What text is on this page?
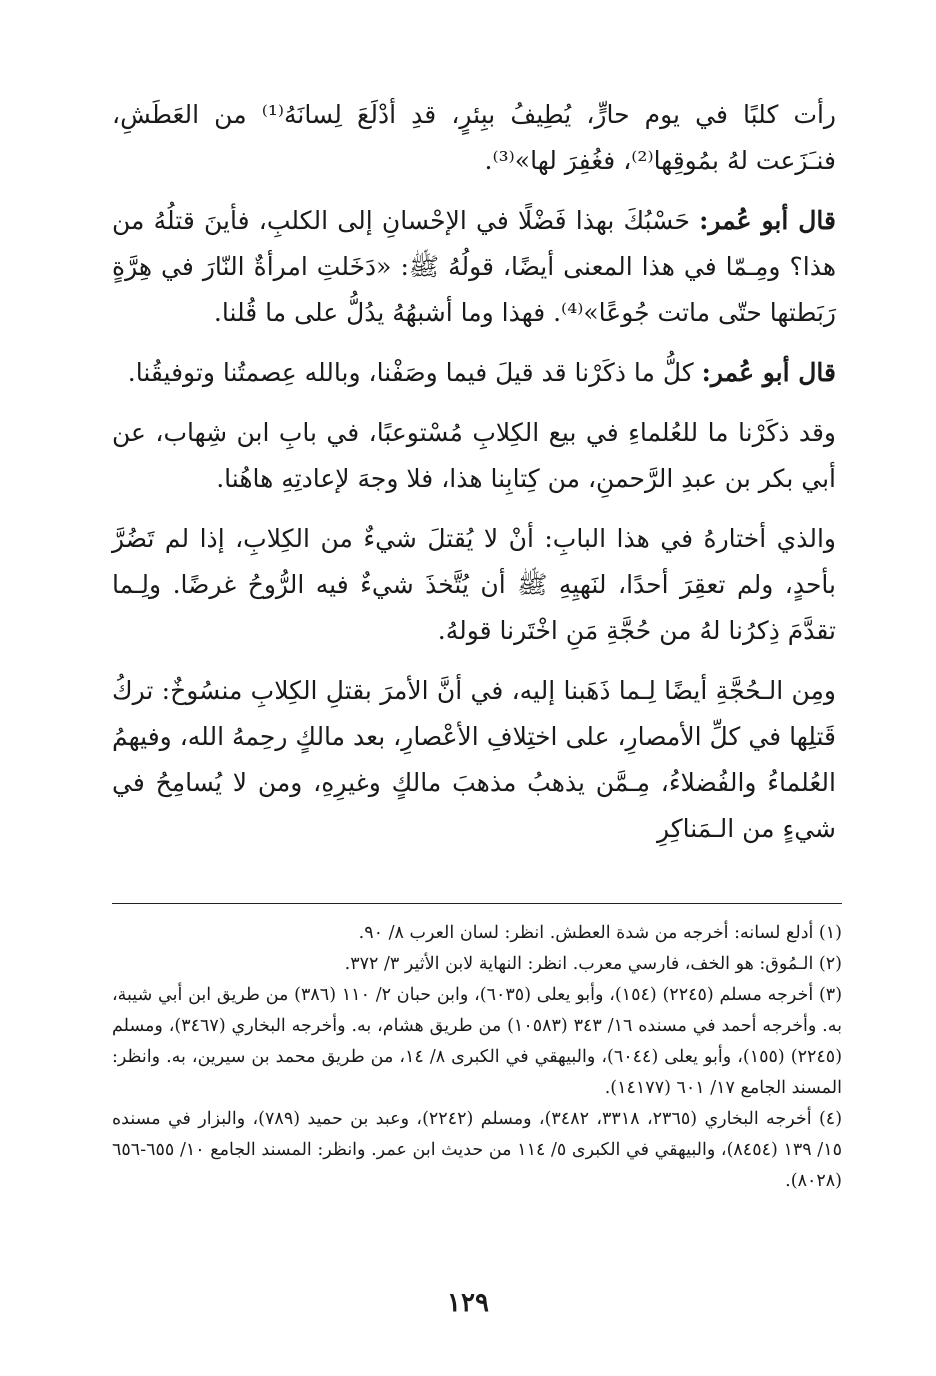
رأت كلبًا في يوم حارٍّ، يُطِيفُ ببِئرٍ، قدِ أدْلَعَ لِسانَهُ⁽¹⁾ من العَطَشِ، فنـَزَعت لهُ بمُوقِها⁽²⁾، فغُفِرَ لها»⁽³⁾.

قال أبو عُمر: حَسْبُكَ بهذا فَضْلًا في الإحْسانِ إلى الكلبِ، فأينَ قتلُهُ من هذا؟ ومِـمّا في هذا المعنى أيضًا، قولُهُ ﷺ: «دَخَلتِ امرأةٌ النّارَ في هِرَّةٍ رَبَطتها حتّى ماتت جُوعًا»⁽⁴⁾. فهذا وما أشبهُهُ يدُلُّ على ما قُلنا.

قال أبو عُمر: كلُّ ما ذكَرْنا قد قيلَ فيما وصَفْنا، وبالله عِصمتُنا وتوفيقُنا.

وقد ذكَرْنا ما للعُلماءِ في بيع الكِلابِ مُسْتوعبًا، في بابِ ابن شِهاب، عن أبي بكر بن عبدِ الرَّحمنِ، من كِتابِنا هذا، فلا وجهَ لإعادتِهِ هاهُنا.

والذي أختارهُ في هذا البابِ: أنْ لا يُقتلَ شيءٌ من الكِلابِ، إذا لم تَضُرَّ بأحدٍ، ولم تعقِرَ أحدًا، لنَهيِهِ ﷺ أن يُتَّخذَ شيءٌ فيه الرُّوحُ غرضًا. ولِـما تقدَّمَ ذِكرُنا لهُ من حُجَّةِ مَنِ اخْتَرنا قولهُ.

ومِن الـحُجَّةِ أيضًا لِـما ذَهَبنا إليه، في أنَّ الأمرَ بقتلِ الكِلابِ منسُوخٌ: تركُ قَتلِها في كلِّ الأمصارِ، على اختِلافِ الأعْصارِ، بعد مالكٍ رحِمهُ الله، وفيهمُ العُلماءُ والفُضلاءُ، مِـمَّن يذهبُ مذهبَ مالكٍ وغيرِهِ، ومن لا يُسامِحُ في شيءٍ من الـمَناكِرِ

(١) أدلع لسانه: أخرجه من شدة العطش. انظر: لسان العرب ٨/ ٩٠.

(٢) الـمُوق: هو الخف، فارسي معرب. انظر: النهاية لابن الأثير ٣/ ٣٧٢.

(٣) أخرجه مسلم (٢٢٤٥) (١٥٤)، وأبو يعلى (٦٠٣٥)، وابن حبان ٢/ ١١٠ (٣٨٦) من طريق ابن أبي شيبة، به. وأخرجه أحمد في مسنده ١٦/ ٣٤٣ (١٠٥٨٣) من طريق هشام، به. وأخرجه البخاري (٣٤٦٧)، ومسلم (٢٢٤٥) (١٥٥)، وأبو يعلى (٦٠٤٤)، والبيهقي في الكبرى ٨/ ١٤، من طريق محمد بن سيرين، به. وانظر: المسند الجامع ١٧/ ٦٠١ (١٤١٧٧).

(٤) أخرجه البخاري (٢٣٦٥، ٣٣١٨، ٣٤٨٢)، ومسلم (٢٢٤٢)، وعبد بن حميد (٧٨٩)، والبزار في مسنده ١٥/ ١٣٩ (٨٤٥٤)، والبيهقي في الكبرى ٥/ ١١٤ من حديث ابن عمر. وانظر: المسند الجامع ١٠/ ٦٥٥-٦٥٦ (٨٠٢٨).

١٢٩
